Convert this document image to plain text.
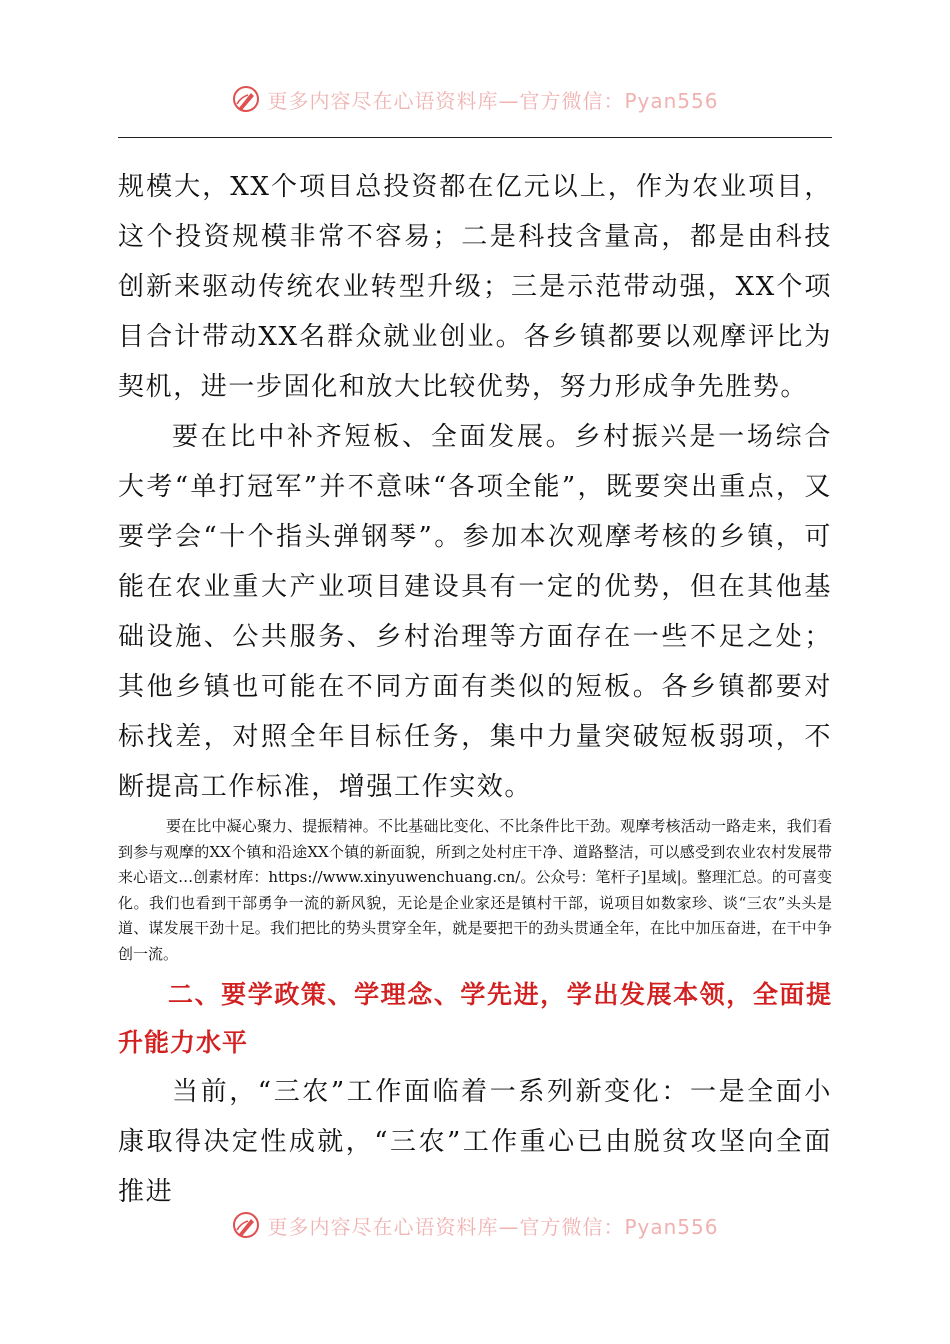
更多内容尽在心语资料库—官方微信：Pyan556

规模大，XX个项目总投资都在亿元以上，作为农业项目，这个投资规模非常不容易；二是科技含量高，都是由科技创新来驱动传统农业转型升级；三是示范带动强，XX个项目合计带动XX名群众就业创业。各乡镇都要以观摩评比为契机，进一步固化和放大比较优势，努力形成争先胜势。

要在比中补齐短板、全面发展。乡村振兴是一场综合大考“单打冠军”并不意味“各项全能”，既要突出重点，又要学会“十个指头弹钢琴”。参加本次观摩考核的乡镇，可能在农业重大产业项目建设具有一定的优势，但在其他基础设施、公共服务、乡村治理等方面存在一些不足之处；其他乡镇也可能在不同方面有类似的短板。各乡镇都要对标找差，对照全年目标任务，集中力量突破短板弱项，不断提高工作标准，增强工作实效。

要在比中凝心聚力、提振精神。不比基础比变化、不比条件比干劲。观摩考核活动一路走来，我们看到参与观摩的XX个镇和沿途XX个镇的新面貌，所到之处村庄干净、道路整洁，可以感受到农业农村发展带来心语文…创素材库：https://www.xinyuwenchuang.cn/。公众号：笔杆子]星域|。整理汇总。的可喜变化。我们也看到干部勇争一流的新风貌，无论是企业家还是镇村干部，说项目如数家珍、谈“三农”头头是道、谋发展干劲十足。我们把比的势头贯穿全年，就是要把干的劲头贯通全年，在比中加压奋进，在干中争创一流。

二、要学政策、学理念、学先进，学出发展本领，全面提升能力水平

当前，“三农”工作面临着一系列新变化：一是全面小康取得决定性成就，“三农”工作重心已由脱贫攻坚向全面推进

更多内容尽在心语资料库—官方微信：Pyan556
